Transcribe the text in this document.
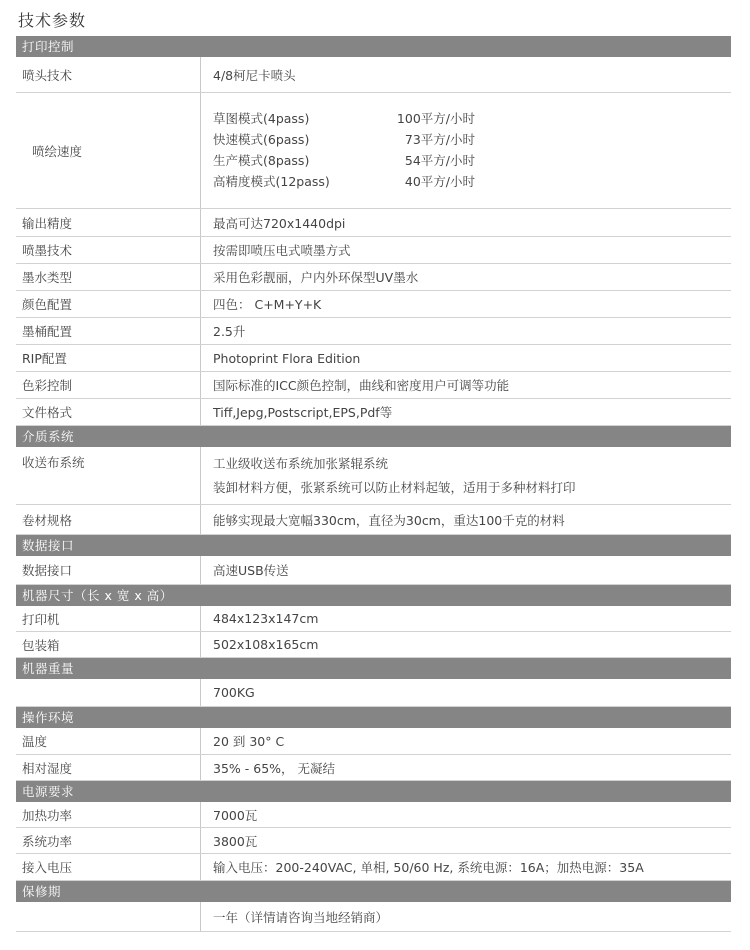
技术参数
打印控制
喷头技术	4/8柯尼卡喷头
喷绘速度
草图模式(4pass)	100平方/小时
快速模式(6pass)	73平方/小时
生产模式(8pass)	54平方/小时
高精度模式(12pass)	40平方/小时
输出精度	最高可达720x1440dpi
喷墨技术	按需即喷压电式喷墨方式
墨水类型	采用色彩靓丽，户内外环保型UV墨水
颜色配置	四色： C+M+Y+K
墨桶配置	2.5升
RIP配置	Photoprint Flora Edition
色彩控制	国际标准的ICC颜色控制，曲线和密度用户可调等功能
文件格式	Tiff,Jepg,Postscript,EPS,Pdf等
介质系统
收送布系统	工业级收送布系统加张紧辊系统
装卸材料方便，张紧系统可以防止材料起皱，适用于多种材料打印
卷材规格	能够实现最大宽幅330cm，直径为30cm，重达100千克的材料
数据接口
数据接口	高速USB传送
机器尺寸（长 x 宽 x 高）
打印机	484x123x147cm
包装箱	502x108x165cm
机器重量
700KG
操作环境
温度	20 到 30° C
相对湿度	35% - 65%， 无凝结
电源要求
加热功率	7000瓦
系统功率	3800瓦
接入电压	输入电压：200-240VAC, 单相, 50/60 Hz, 系统电源：16A；加热电源：35A
保修期
一年（详情请咨询当地经销商）
